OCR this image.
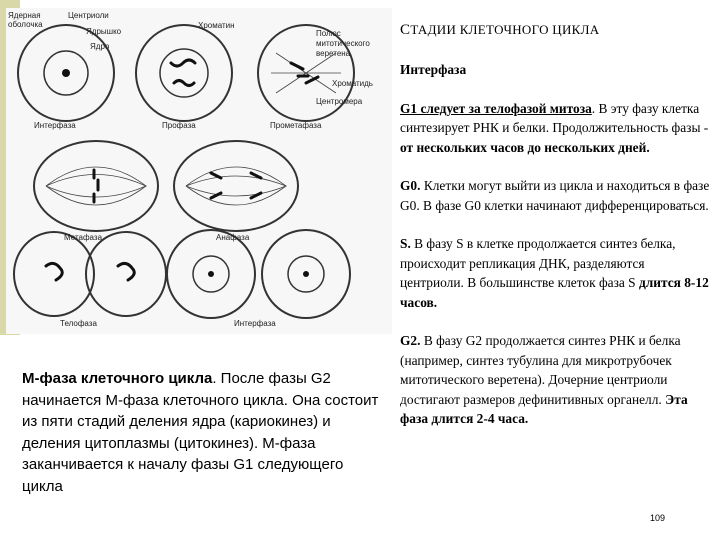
Ядерная
оболочка
Центриоли
Ядрышко
Ядро
Хроматин
Полюс
митотического
веретена
Хроматидь
Центромера
Интерфаза	Профаза	Прометафаза
Метафаза	Анафаза
Телофаза	Интерфаза
СТАДИИ КЛЕТОЧНОГО ЦИКЛА

Интерфаза

G1 следует за телофазой митоза. В эту фазу клетка синтезирует РНК и белки. Продолжительность фазы - от нескольких часов до нескольких дней.

G0. Клетки могут выйти из цикла и находиться в фазе G0. В фазе G0 клетки начинают дифференцироваться.

S. В фазу S в клетке продолжается синтез белка, происходит репликация ДНК, разделяются центриоли. В большинстве клеток фаза S длится 8-12 часов.

G2. В фазу G2 продолжается синтез РНК и белка (например, синтез тубулина для микротрубочек митотического веретена). Дочерние центриоли достигают размеров дефинитивных органелл. Эта фаза длится 2-4 часа.

М-фаза клеточного цикла. После фазы G2 начинается М-фаза клеточного цикла. Она состоит из пяти стадий деления ядра (кариокинез) и деления цитоплазмы (цитокинез). М-фаза заканчивается к началу фазы G1 следующего цикла
109
